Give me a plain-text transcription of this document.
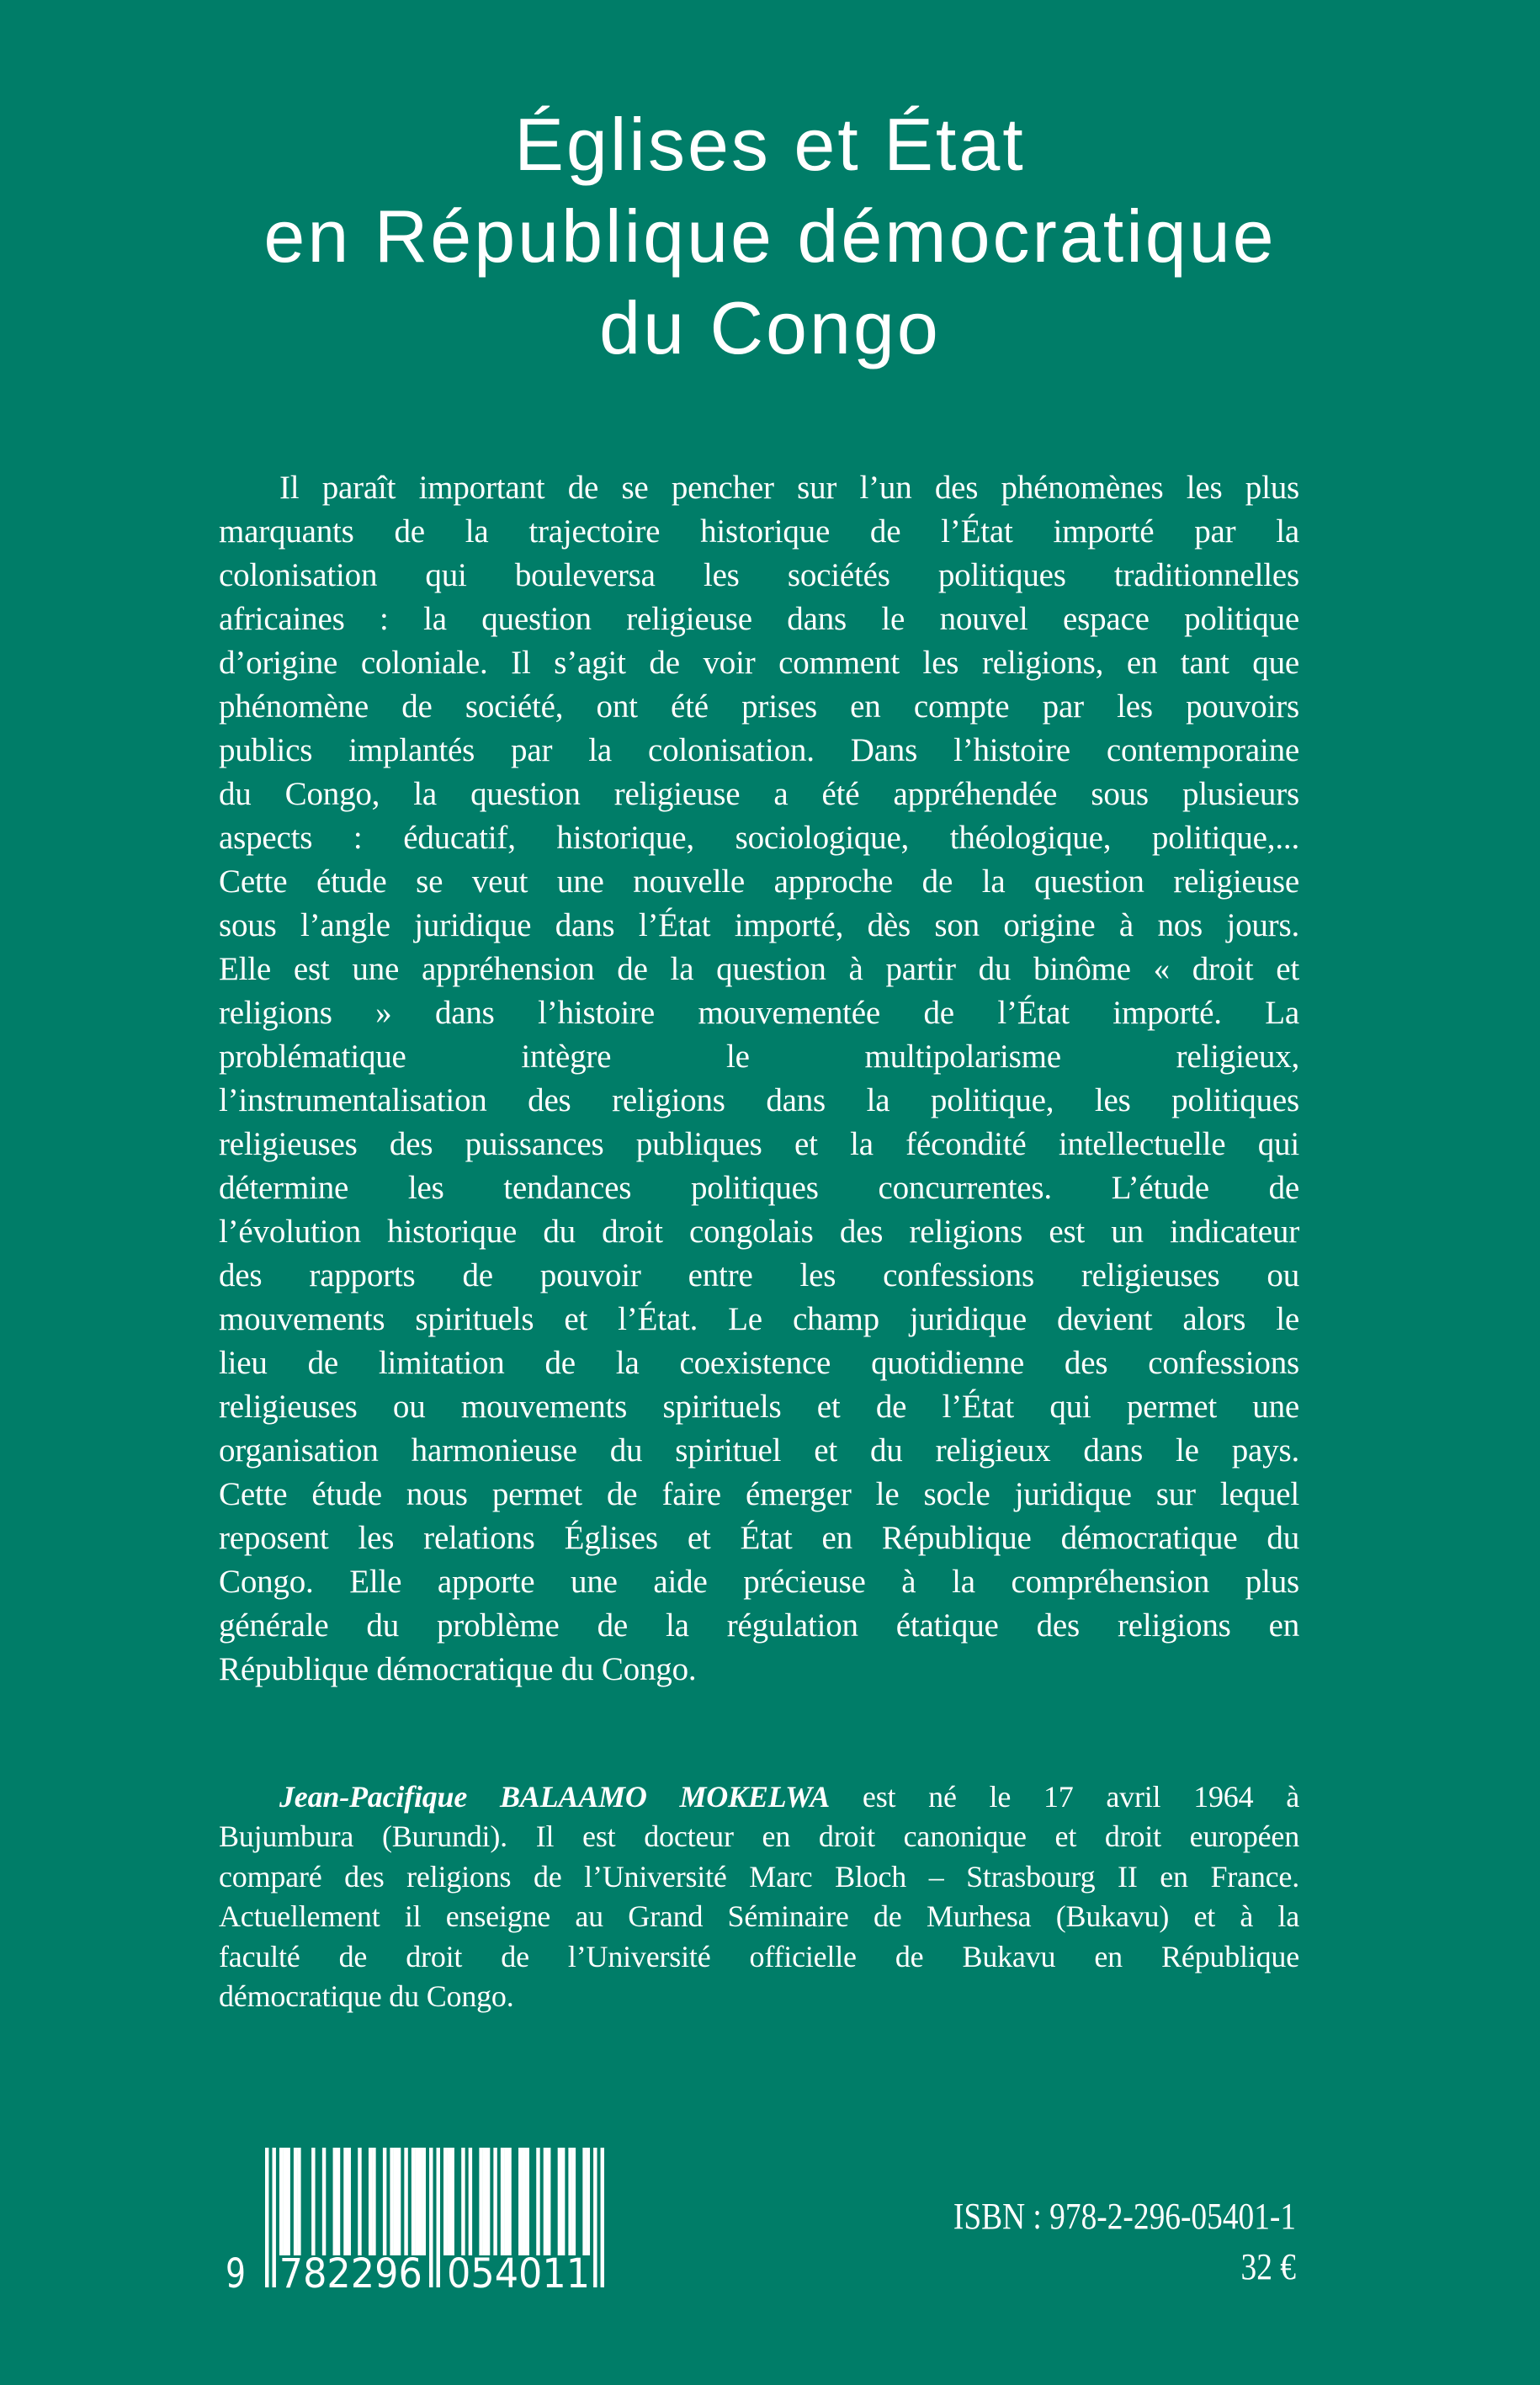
Églises et État
en République démocratique
du Congo
Il paraît important de se pencher sur l’un des phénomènes les plus
marquants de la trajectoire historique de l’État importé par la
colonisation qui bouleversa les sociétés politiques traditionnelles
africaines : la question religieuse dans le nouvel espace politique
d’origine coloniale. Il s’agit de voir comment les religions, en tant que
phénomène de société, ont été prises en compte par les pouvoirs
publics implantés par la colonisation. Dans l’histoire contemporaine
du Congo, la question religieuse a été appréhendée sous plusieurs
aspects : éducatif, historique, sociologique, théologique, politique,...
Cette étude se veut une nouvelle approche de la question religieuse
sous l’angle juridique dans l’État importé, dès son origine à nos jours.
Elle est une appréhension de la question à partir du binôme « droit et
religions » dans l’histoire mouvementée de l’État importé. La
problématique intègre le multipolarisme religieux,
l’instrumentalisation des religions dans la politique, les politiques
religieuses des puissances publiques et la fécondité intellectuelle qui
détermine les tendances politiques concurrentes. L’étude de
l’évolution historique du droit congolais des religions est un indicateur
des rapports de pouvoir entre les confessions religieuses ou
mouvements spirituels et l’État. Le champ juridique devient alors le
lieu de limitation de la coexistence quotidienne des confessions
religieuses ou mouvements spirituels et de l’État qui permet une
organisation harmonieuse du spirituel et du religieux dans le pays.
Cette étude nous permet de faire émerger le socle juridique sur lequel
reposent les relations Églises et État en République démocratique du
Congo. Elle apporte une aide précieuse à la compréhension plus
générale du problème de la régulation étatique des religions en
République démocratique du Congo.
Jean-Pacifique BALAAMO MOKELWA est né le 17 avril 1964 à
Bujumbura (Burundi). Il est docteur en droit canonique et droit européen
comparé des religions de l’Université Marc Bloch – Strasbourg II en France.
Actuellement il enseigne au Grand Séminaire de Murhesa (Bukavu) et à la
faculté de droit de l’Université officielle de Bukavu en République
démocratique du Congo.
9 782296 054011
ISBN : 978-2-296-05401-1
32 €
